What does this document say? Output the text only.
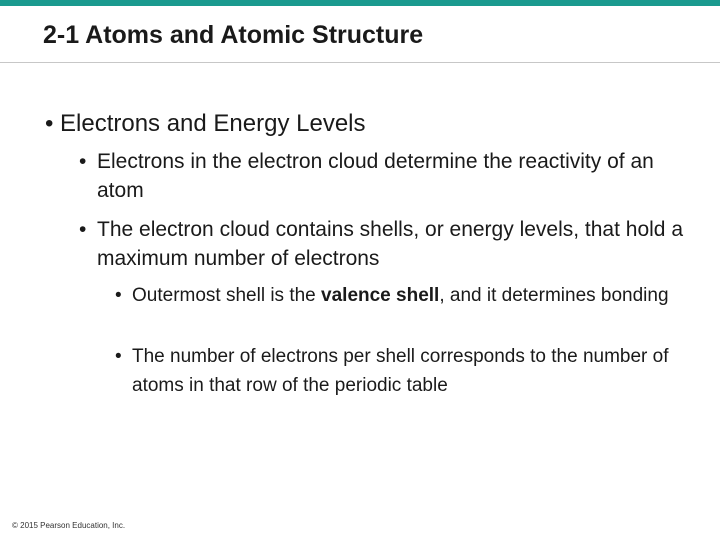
2-1 Atoms and Atomic Structure
• Electrons and Energy Levels
• Electrons in the electron cloud determine the reactivity of an atom
• The electron cloud contains shells, or energy levels, that hold a maximum number of electrons
• Outermost shell is the valence shell, and it determines bonding
• The number of electrons per shell corresponds to the number of atoms in that row of the periodic table
© 2015 Pearson Education, Inc.
